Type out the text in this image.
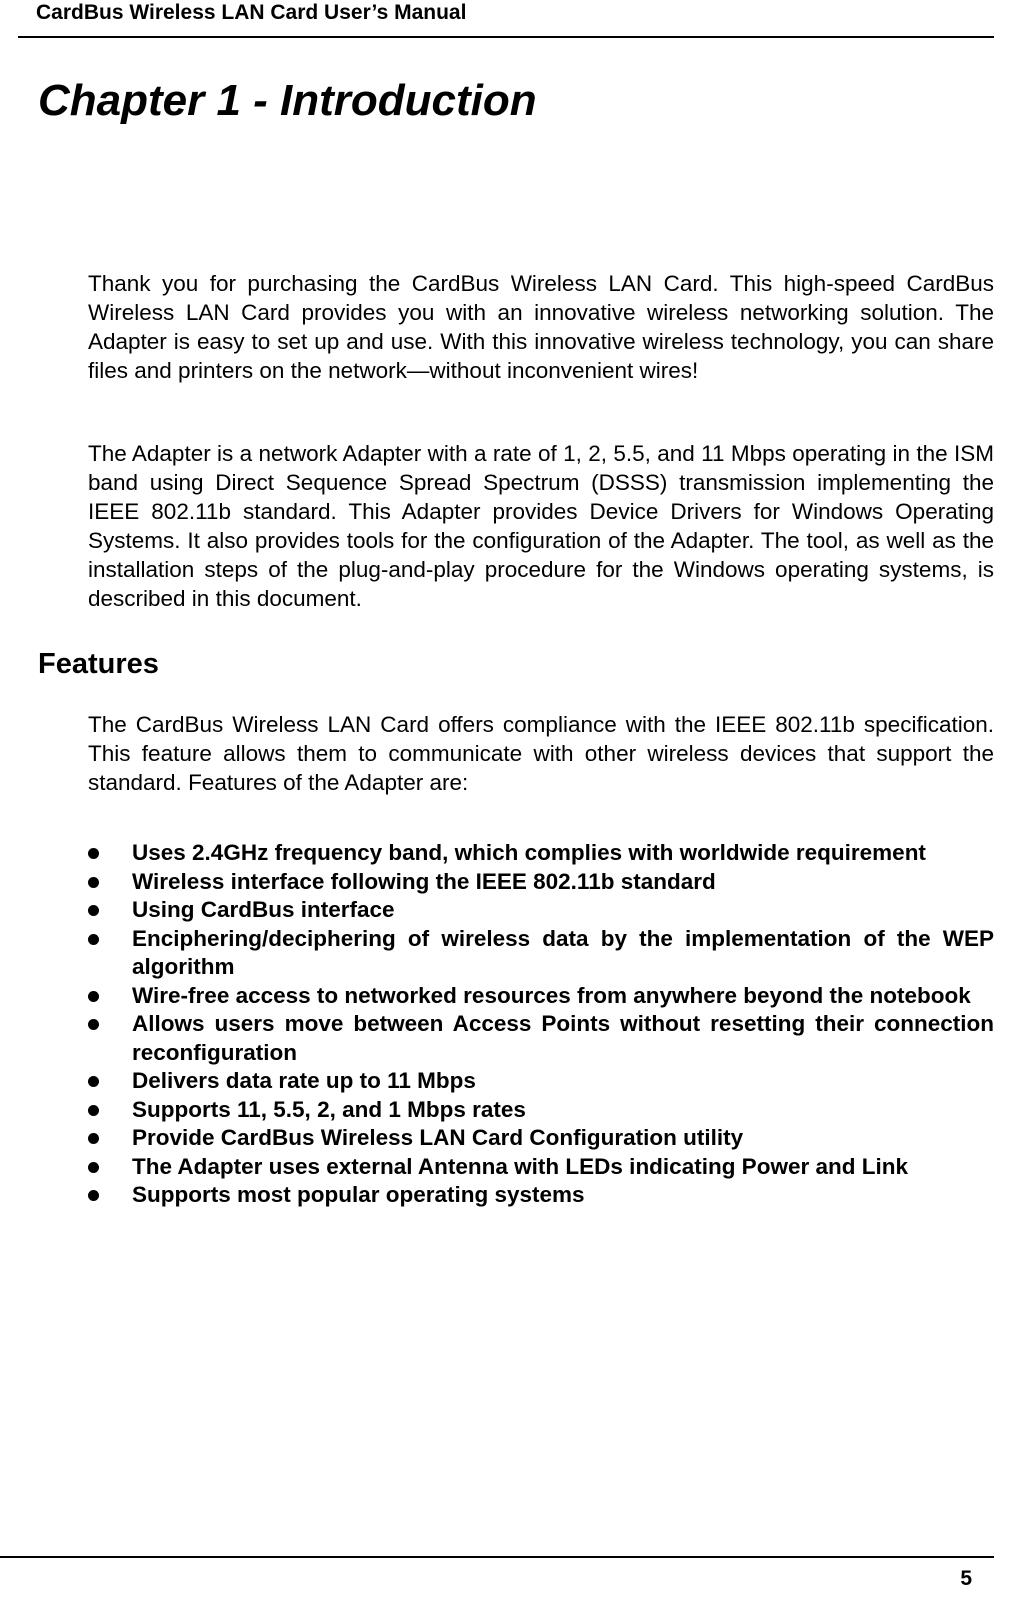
CardBus Wireless LAN Card User’s Manual
Chapter 1 - Introduction

Thank you for purchasing the CardBus Wireless LAN Card. This high-speed CardBus Wireless LAN Card provides you with an innovative wireless networking solution. The Adapter is easy to set up and use. With this innovative wireless technology, you can share files and printers on the network—without inconvenient wires!

The Adapter is a network Adapter with a rate of 1, 2, 5.5, and 11 Mbps operating in the ISM band using Direct Sequence Spread Spectrum (DSSS) transmission implementing the IEEE 802.11b standard. This Adapter provides Device Drivers for Windows Operating Systems. It also provides tools for the configuration of the Adapter. The tool, as well as the installation steps of the plug-and-play procedure for the Windows operating systems, is described in this document.

Features

The CardBus Wireless LAN Card offers compliance with the IEEE 802.11b specification. This feature allows them to communicate with other wireless devices that support the standard. Features of the Adapter are:

Uses 2.4GHz frequency band, which complies with worldwide requirement
Wireless interface following the IEEE 802.11b standard
Using CardBus interface
Enciphering/deciphering of wireless data by the implementation of the WEP algorithm
Wire-free access to networked resources from anywhere beyond the notebook
Allows users move between Access Points without resetting their connection reconfiguration
Delivers data rate up to 11 Mbps
Supports 11, 5.5, 2, and 1 Mbps rates
Provide CardBus Wireless LAN Card Configuration utility
The Adapter uses external Antenna with LEDs indicating Power and Link
Supports most popular operating systems
5
